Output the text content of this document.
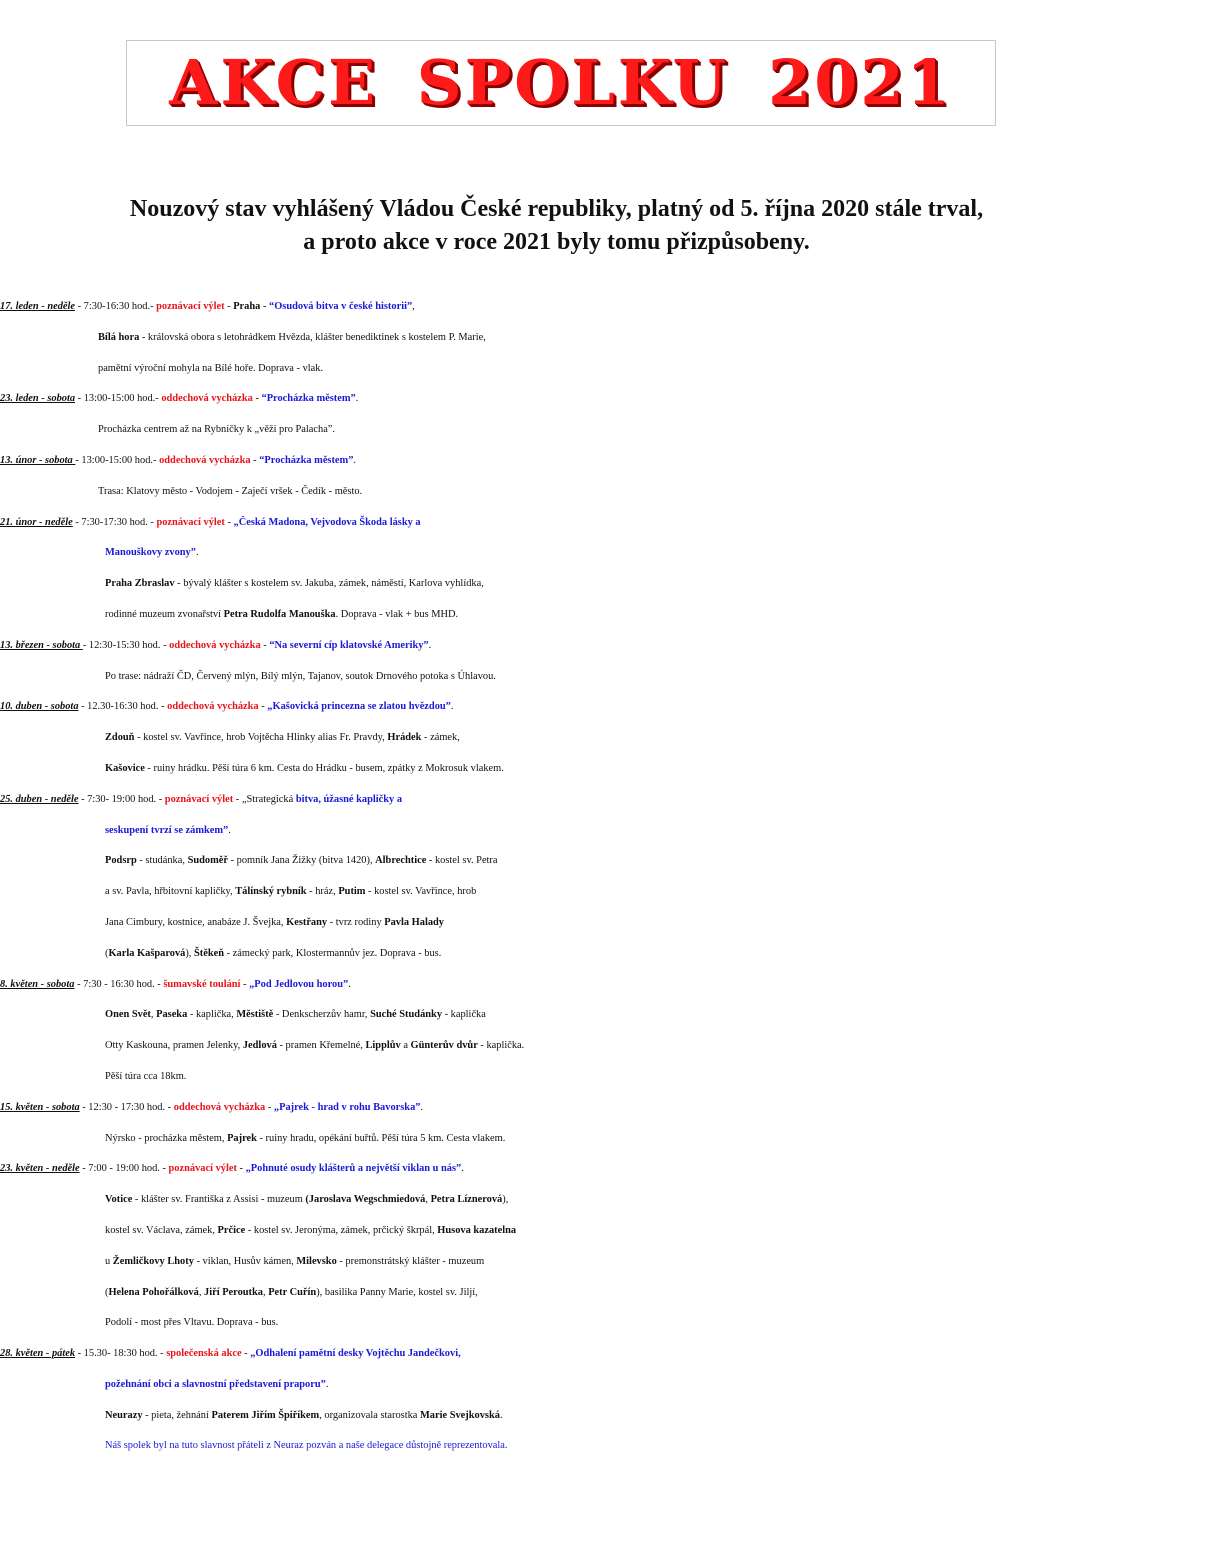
AKCE SPOLKU 2021
Nouzový stav vyhlášený Vládou České republiky, platný od 5. října 2020 stále trval,
a proto akce v roce 2021 byly tomu přizpůsobeny.
17. leden - neděle - 7:30-16:30 hod.- poznávací výlet - Praha - “Osudová bitva v české historii”,
Bílá hora - královská obora s letohrádkem Hvězda, klášter benediktinek s kostelem P. Marie,
pamětní výroční mohyla na Bílé hoře. Doprava - vlak.
23. leden - sobota - 13:00-15:00 hod.- oddechová vycházka - “Procházka městem”.
Procházka centrem až na Rybníčky k „věži pro Palacha”.
13. únor - sobota - 13:00-15:00 hod.- oddechová vycházka - “Procházka městem”.
Trasa: Klatovy město - Vodojem - Zaječí vršek - Čedík - město.
21. únor - neděle - 7:30-17:30 hod. - poznávací výlet - „Česká Madona, Vejvodova Škoda lásky a
Manouškovy zvony”.
Praha Zbraslav - bývalý klášter s kostelem sv. Jakuba, zámek, náměstí, Karlova vyhlídka,
rodinné muzeum zvonařství Petra Rudolfa Manouška. Doprava - vlak + bus MHD.
13. březen - sobota - 12:30-15:30 hod. - oddechová vycházka - “Na severní cíp klatovské Ameriky”.
Po trase: nádraží ČD, Červený mlýn, Bílý mlýn, Tajanov, soutok Drnového potoka s Úhlavou.
10. duben - sobota - 12.30-16:30 hod. - oddechová vycházka - „Kašovická princezna se zlatou hvězdou”.
Zdouň - kostel sv. Vavřince, hrob Vojtěcha Hlinky alias Fr. Pravdy, Hrádek - zámek,
Kašovice - ruiny hrádku. Pěší túra 6 km. Cesta do Hrádku - busem, zpátky z Mokrosuk vlakem.
25. duben - neděle - 7:30- 19:00 hod. - poznávací výlet - „Strategická bitva, úžasné kapličky a
seskupení tvrzí se zámkem”.
Podsrp - studánka, Sudoměř - pomník Jana Žižky (bitva 1420), Albrechtice - kostel sv. Petra
a sv. Pavla, hřbitovní kapličky, Tálínský rybník - hráz, Putim - kostel sv. Vavřince, hrob
Jana Cimbury, kostnice, anabáze J. Švejka, Kestřany - tvrz rodiny Pavla Halady
(Karla Kašparová), Štěkeň - zámecký park, Klostermannův jez. Doprava - bus.
8. květen - sobota - 7:30 - 16:30 hod. - šumavské toulání - „Pod Jedlovou horou”.
Onen Svět, Paseka - kaplička, Městiště - Denkscherzův hamr, Suché Studánky - kaplička
Otty Kaskouna, pramen Jelenky, Jedlová - pramen Křemelné, Lipplův a Günterův dvůr - kaplička.
Pěší túra cca 18km.
15. květen - sobota - 12:30 - 17:30 hod. - oddechová vycházka - „Pajrek - hrad v rohu Bavorska”.
Nýrsko - procházka městem, Pajrek - ruiny hradu, opékání buřtů. Pěší túra 5 km. Cesta vlakem.
23. květen - neděle - 7:00 - 19:00 hod. - poznávací výlet - „Pohnuté osudy klášterů a největší viklan u nás”.
Votice - klášter sv. Františka z Assisi - muzeum (Jaroslava Wegschmiedová, Petra Líznerová),
kostel sv. Václava, zámek, Prčice - kostel sv. Jeronýma, zámek, prčický škrpál, Husova kazatelna
u Žemličkovy Lhoty - viklan, Husův kámen, Milevsko - premonstrátský klášter - muzeum
(Helena Pohořálková, Jiří Peroutka, Petr Cuřín), basilika Panny Marie, kostel sv. Jiljí,
Podolí - most přes Vltavu. Doprava - bus.
28. květen - pátek - 15.30- 18:30 hod. - společenská akce - „Odhalení pamětní desky Vojtěchu Jandečkovi,
požehnání obci a slavnostní představení praporu”.
Neurazy - pieta, žehnání Paterem Jiřím Špiříkem, organizovala starostka Marie Svejkovská.
Náš spolek byl na tuto slavnost přáteli z Neuraz pozván a naše delegace důstojně reprezentovala.
